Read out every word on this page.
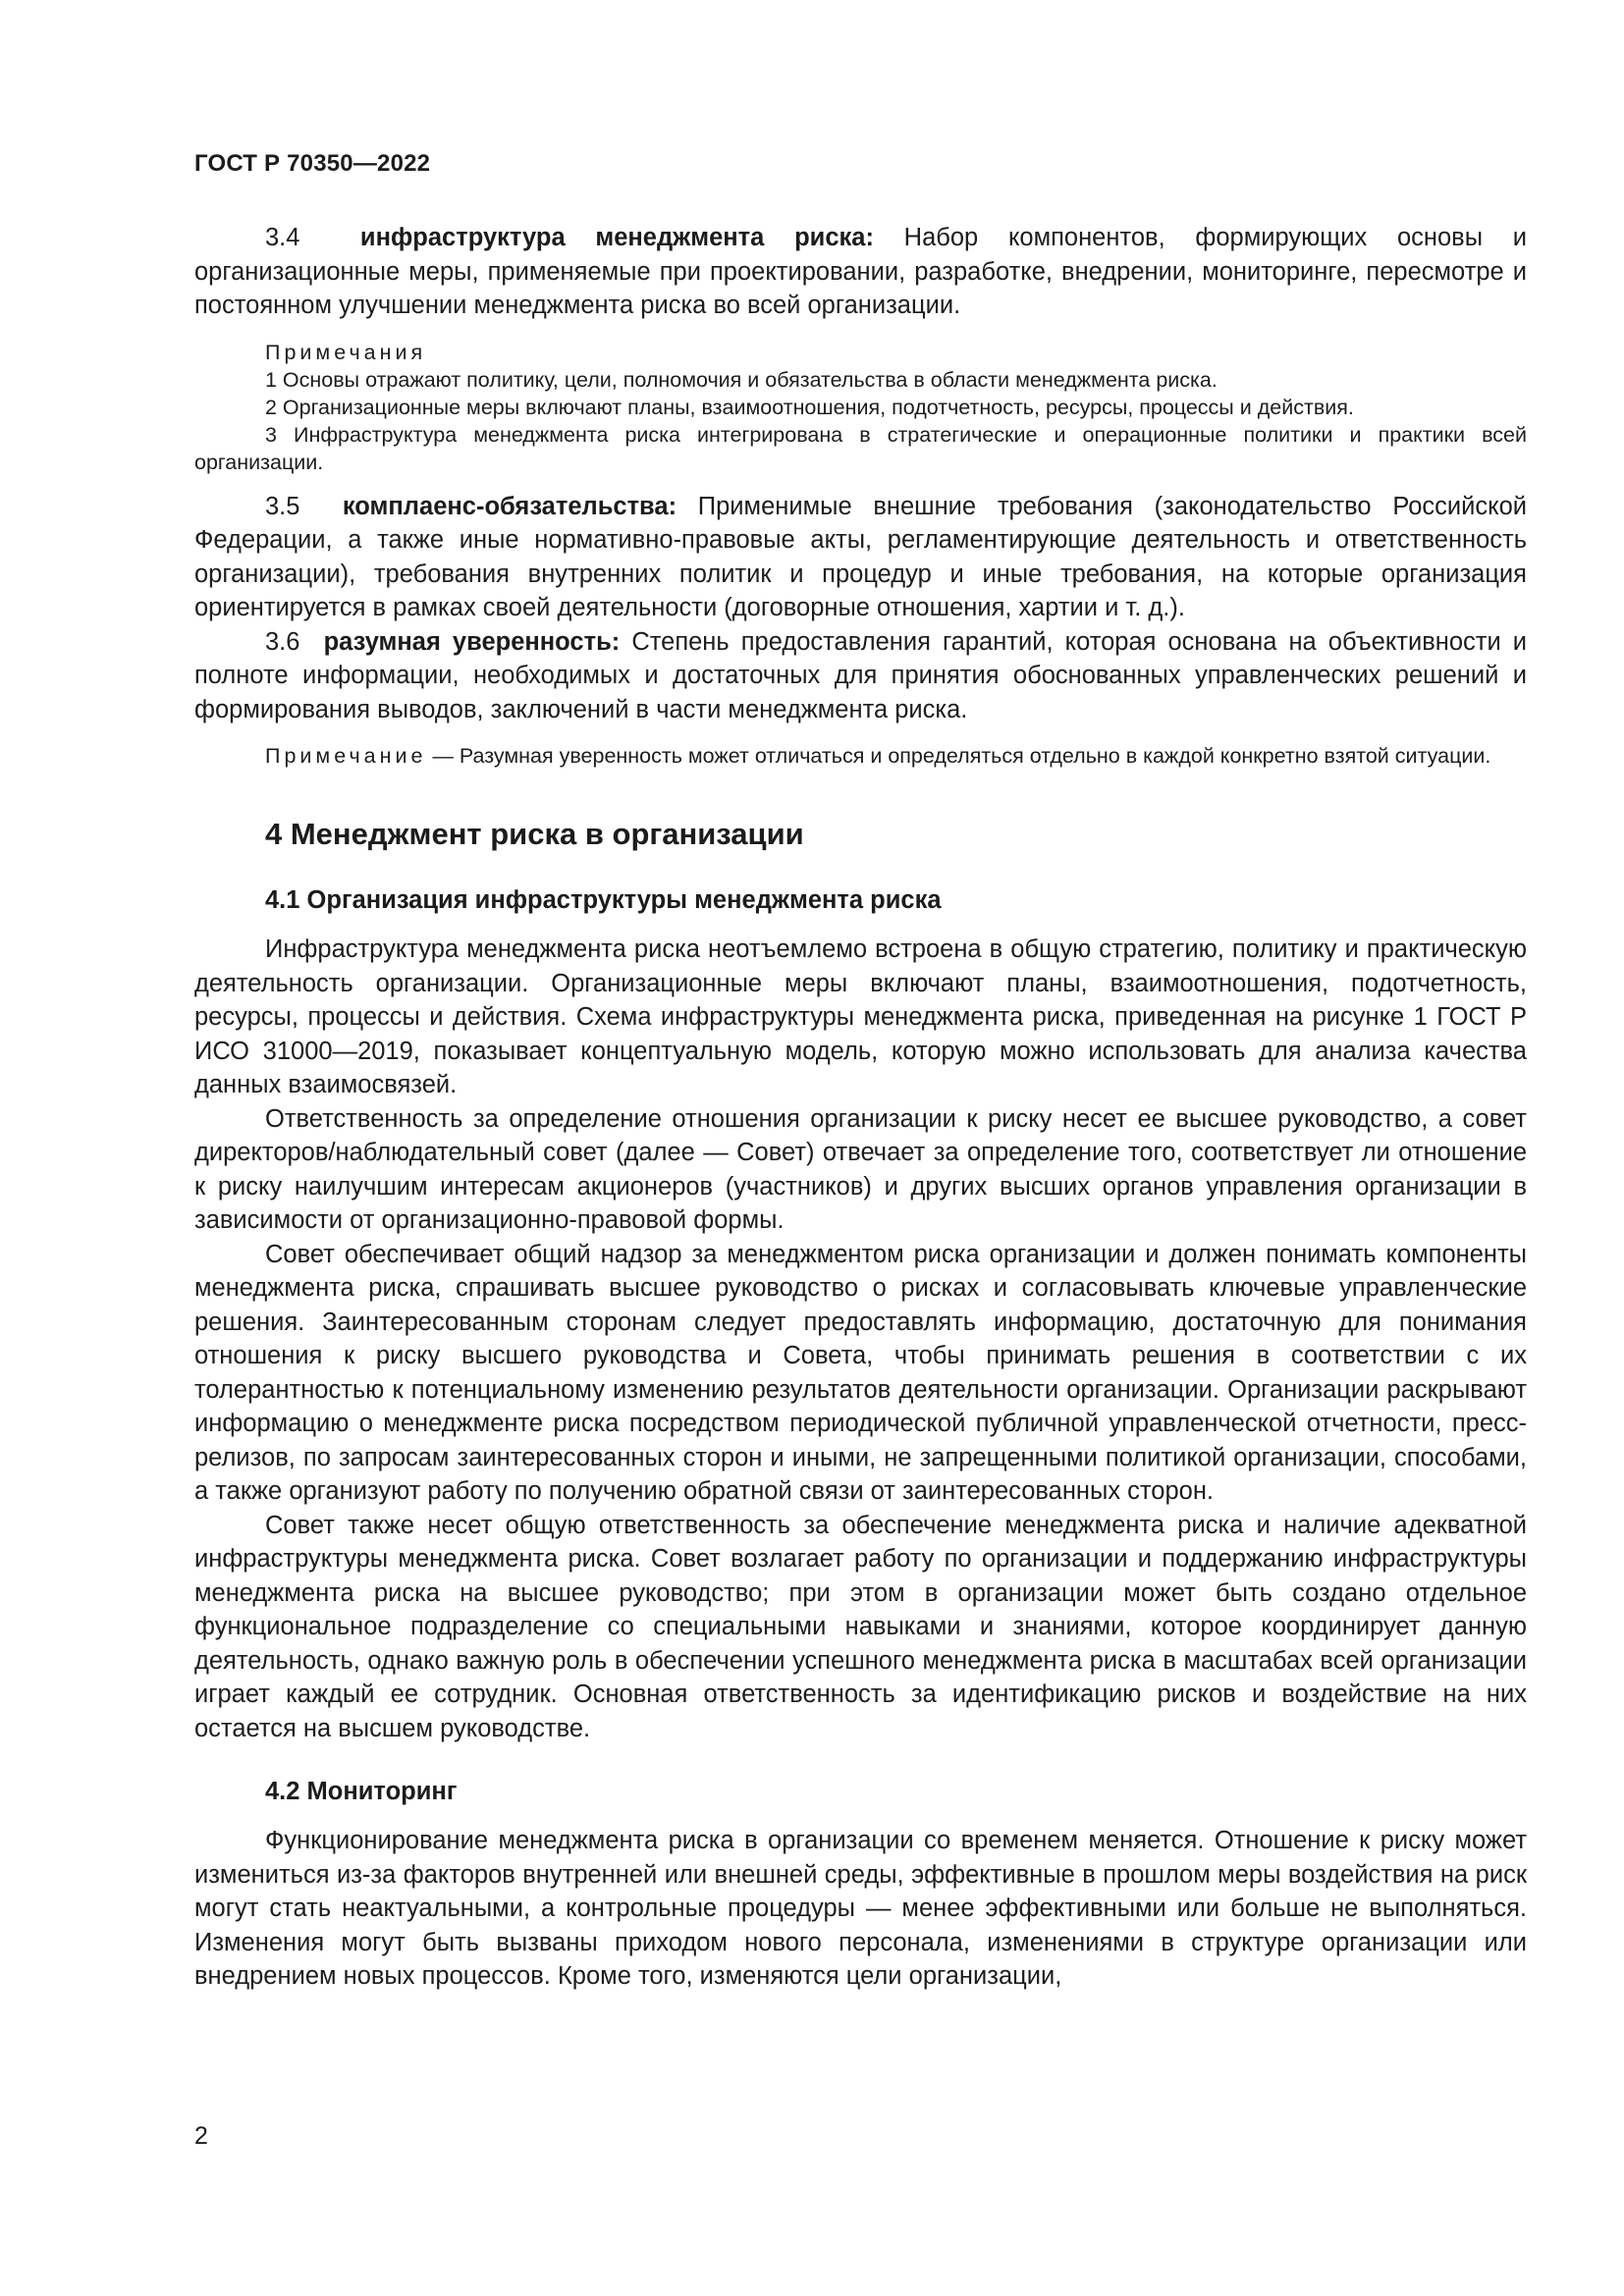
ГОСТ Р 70350—2022

3.4 инфраструктура менеджмента риска: Набор компонентов, формирующих основы и организационные меры, применяемые при проектировании, разработке, внедрении, мониторинге, пересмотре и постоянном улучшении менеджмента риска во всей организации.

Примечания

1 Основы отражают политику, цели, полномочия и обязательства в области менеджмента риска.

2 Организационные меры включают планы, взаимоотношения, подотчетность, ресурсы, процессы и действия.

3 Инфраструктура менеджмента риска интегрирована в стратегические и операционные политики и практики всей организации.

3.5 комплаенс-обязательства: Применимые внешние требования (законодательство Российской Федерации, а также иные нормативно-правовые акты, регламентирующие деятельность и ответственность организации), требования внутренних политик и процедур и иные требования, на которые организация ориентируется в рамках своей деятельности (договорные отношения, хартии и т. д.).

3.6 разумная уверенность: Степень предоставления гарантий, которая основана на объективности и полноте информации, необходимых и достаточных для принятия обоснованных управленческих решений и формирования выводов, заключений в части менеджмента риска.

Примечание — Разумная уверенность может отличаться и определяться отдельно в каждой конкретно взятой ситуации.

4 Менеджмент риска в организации
4.1 Организация инфраструктуры менеджмента риска

Инфраструктура менеджмента риска неотъемлемо встроена в общую стратегию, политику и практическую деятельность организации. Организационные меры включают планы, взаимоотношения, подотчетность, ресурсы, процессы и действия. Схема инфраструктуры менеджмента риска, приведенная на рисунке 1 ГОСТ Р ИСО 31000—2019, показывает концептуальную модель, которую можно использовать для анализа качества данных взаимосвязей.

Ответственность за определение отношения организации к риску несет ее высшее руководство, а совет директоров/наблюдательный совет (далее — Совет) отвечает за определение того, соответствует ли отношение к риску наилучшим интересам акционеров (участников) и других высших органов управления организации в зависимости от организационно-правовой формы.

Совет обеспечивает общий надзор за менеджментом риска организации и должен понимать компоненты менеджмента риска, спрашивать высшее руководство о рисках и согласовывать ключевые управленческие решения. Заинтересованным сторонам следует предоставлять информацию, достаточную для понимания отношения к риску высшего руководства и Совета, чтобы принимать решения в соответствии с их толерантностью к потенциальному изменению результатов деятельности организации. Организации раскрывают информацию о менеджменте риска посредством периодической публичной управленческой отчетности, пресс-релизов, по запросам заинтересованных сторон и иными, не запрещенными политикой организации, способами, а также организуют работу по получению обратной связи от заинтересованных сторон.

Совет также несет общую ответственность за обеспечение менеджмента риска и наличие адекватной инфраструктуры менеджмента риска. Совет возлагает работу по организации и поддержанию инфраструктуры менеджмента риска на высшее руководство; при этом в организации может быть создано отдельное функциональное подразделение со специальными навыками и знаниями, которое координирует данную деятельность, однако важную роль в обеспечении успешного менеджмента риска в масштабах всей организации играет каждый ее сотрудник. Основная ответственность за идентификацию рисков и воздействие на них остается на высшем руководстве.

4.2 Мониторинг

Функционирование менеджмента риска в организации со временем меняется. Отношение к риску может измениться из-за факторов внутренней или внешней среды, эффективные в прошлом меры воздействия на риск могут стать неактуальными, а контрольные процедуры — менее эффективными или больше не выполняться. Изменения могут быть вызваны приходом нового персонала, изменениями в структуре организации или внедрением новых процессов. Кроме того, изменяются цели организации,

2
